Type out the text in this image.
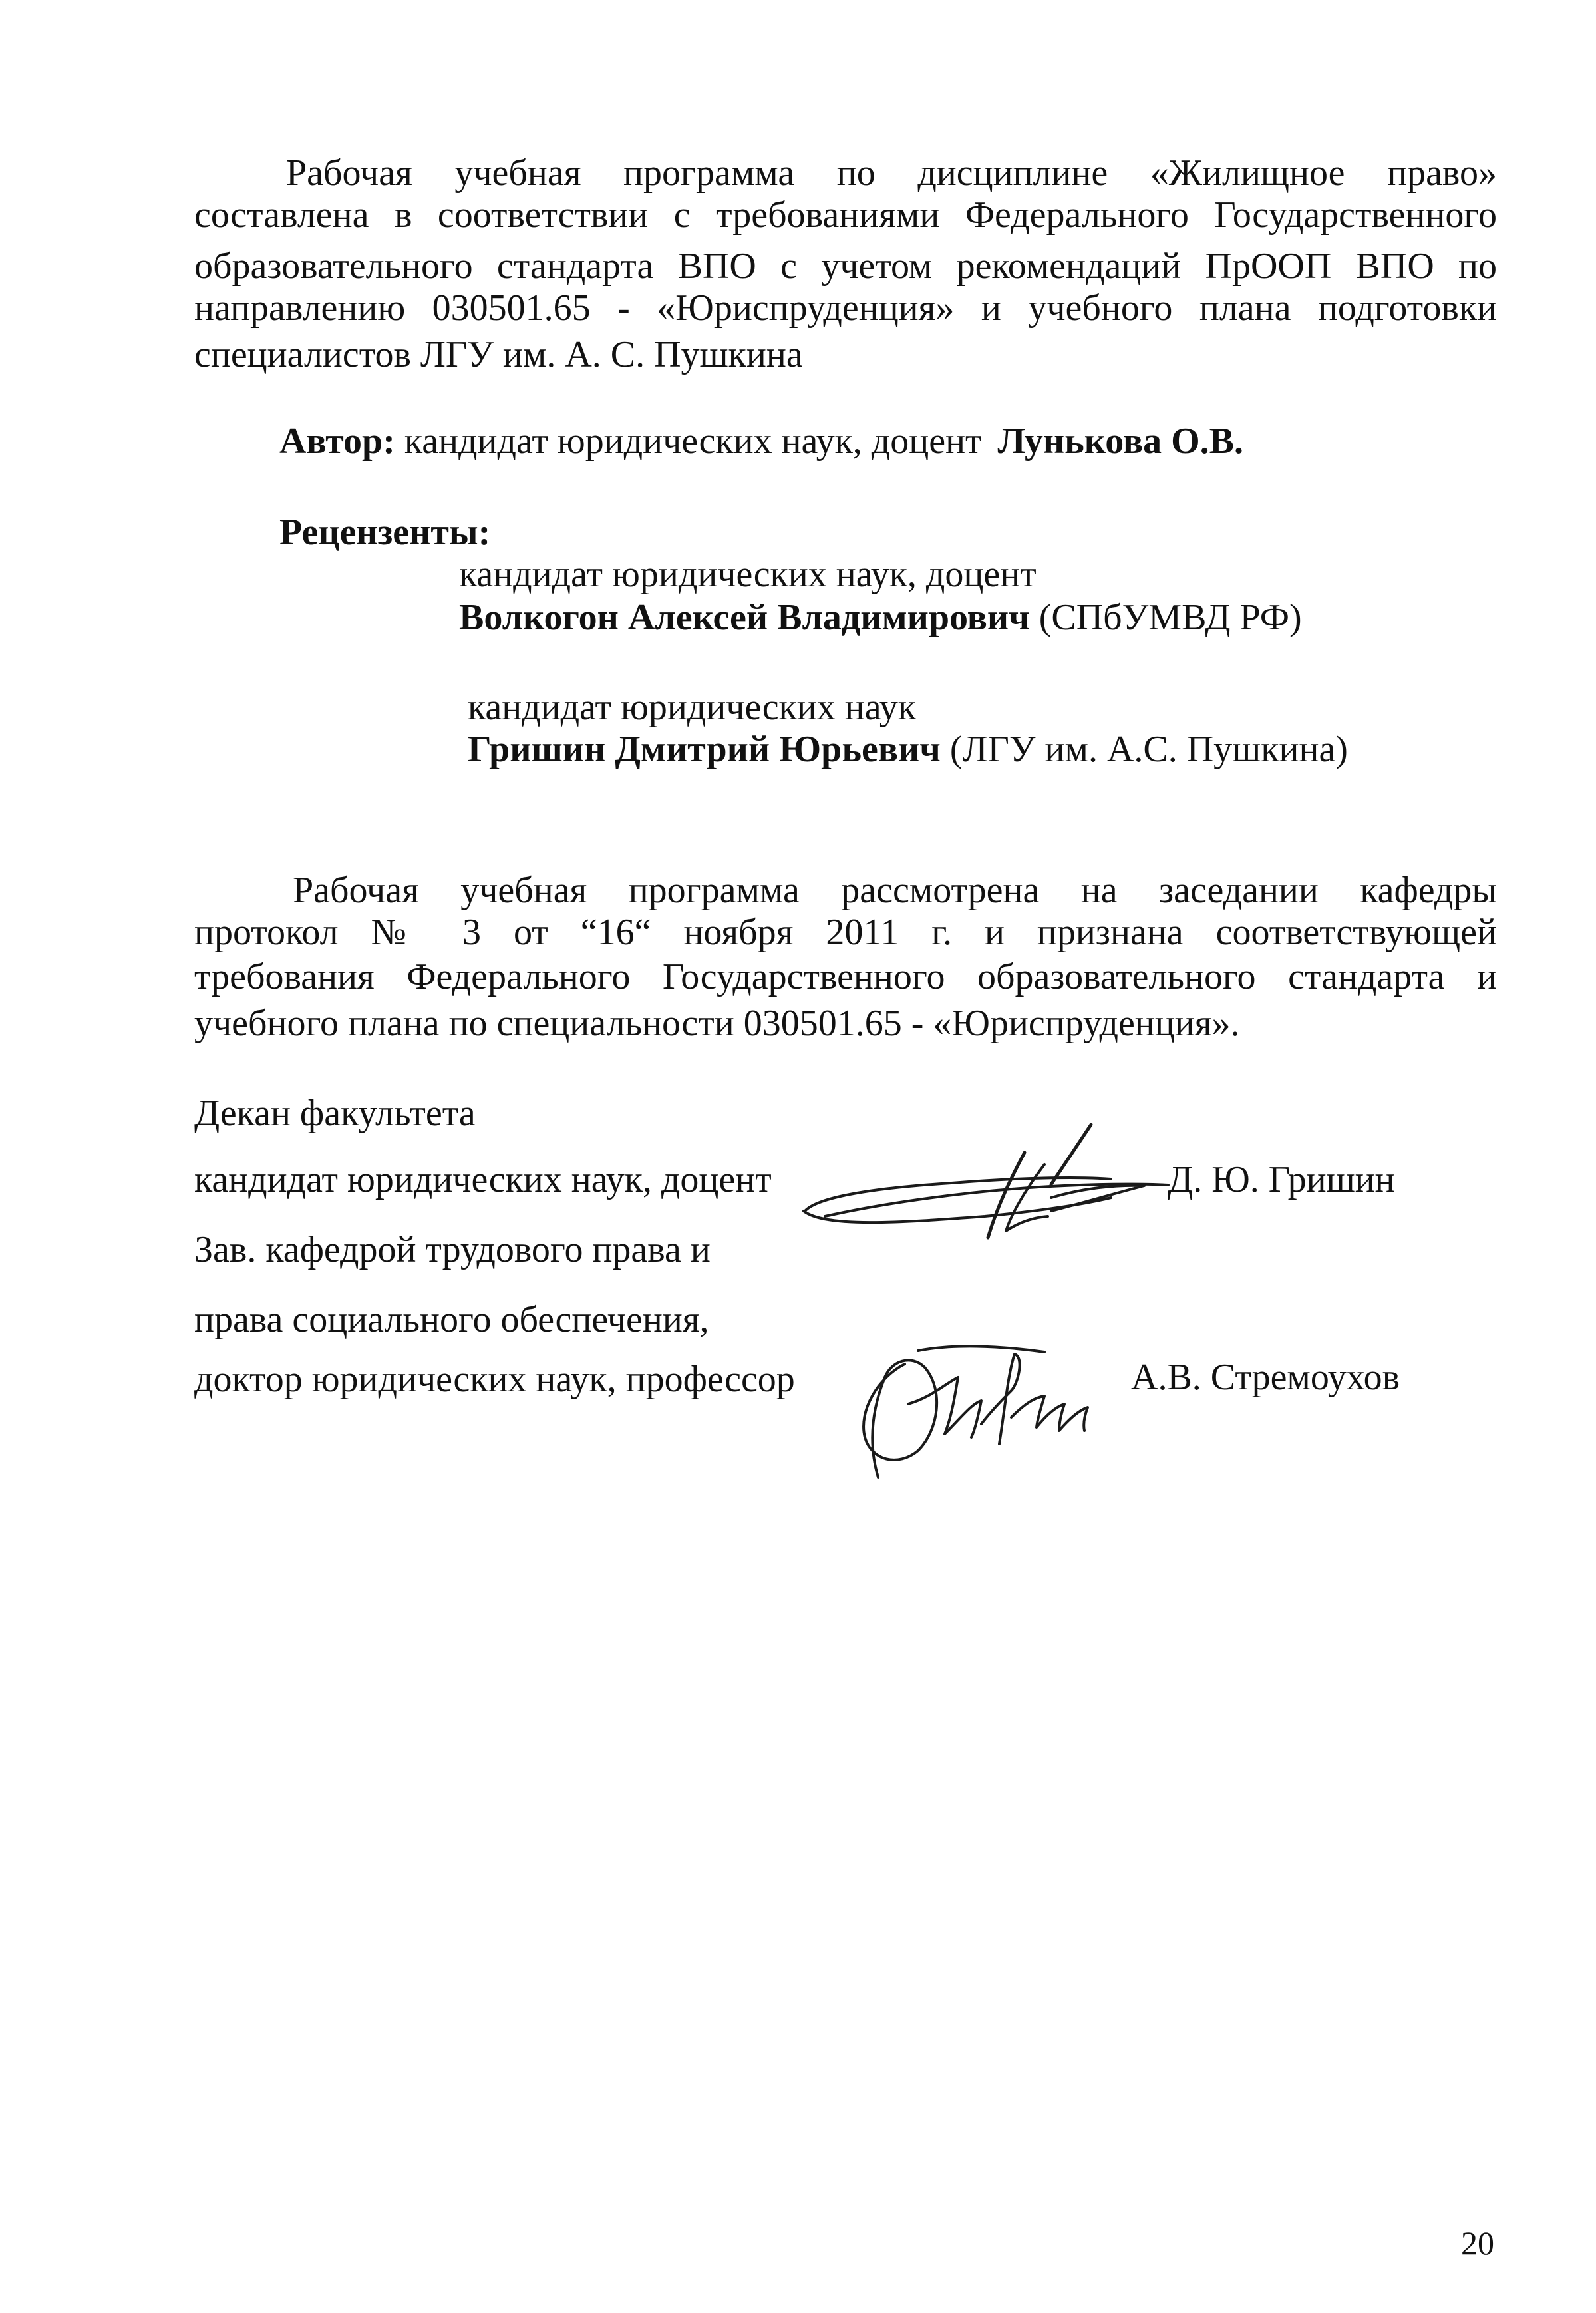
Рабочая учебная программа по дисциплине «Жилищное право»
составлена в соответствии с требованиями Федерального Государственного
образовательного стандарта ВПО с учетом рекомендаций ПрООП ВПО по
направлению 030501.65 - «Юриспруденция» и учебного плана подготовки
специалистов ЛГУ им. А. С. Пушкина
Автор: кандидат юридических наук, доцент Лунькова О.В.
Рецензенты:
кандидат юридических наук, доцент
Волкогон Алексей Владимирович (СПбУМВД РФ)
кандидат юридических наук
Гришин Дмитрий Юрьевич (ЛГУ им. А.С. Пушкина)
Рабочая учебная программа рассмотрена на заседании кафедры
протокол № 3 от “16“ ноября 2011 г. и признана соответствующей
требования Федерального Государственного образовательного стандарта и
учебного плана по специальности 030501.65 - «Юриспруденция».
Декан факультета
кандидат юридических наук, доцент	Д. Ю. Гришин
Зав. кафедрой трудового права и
права социального обеспечения,
доктор юридических наук, профессор	А.В. Стремоухов
20
